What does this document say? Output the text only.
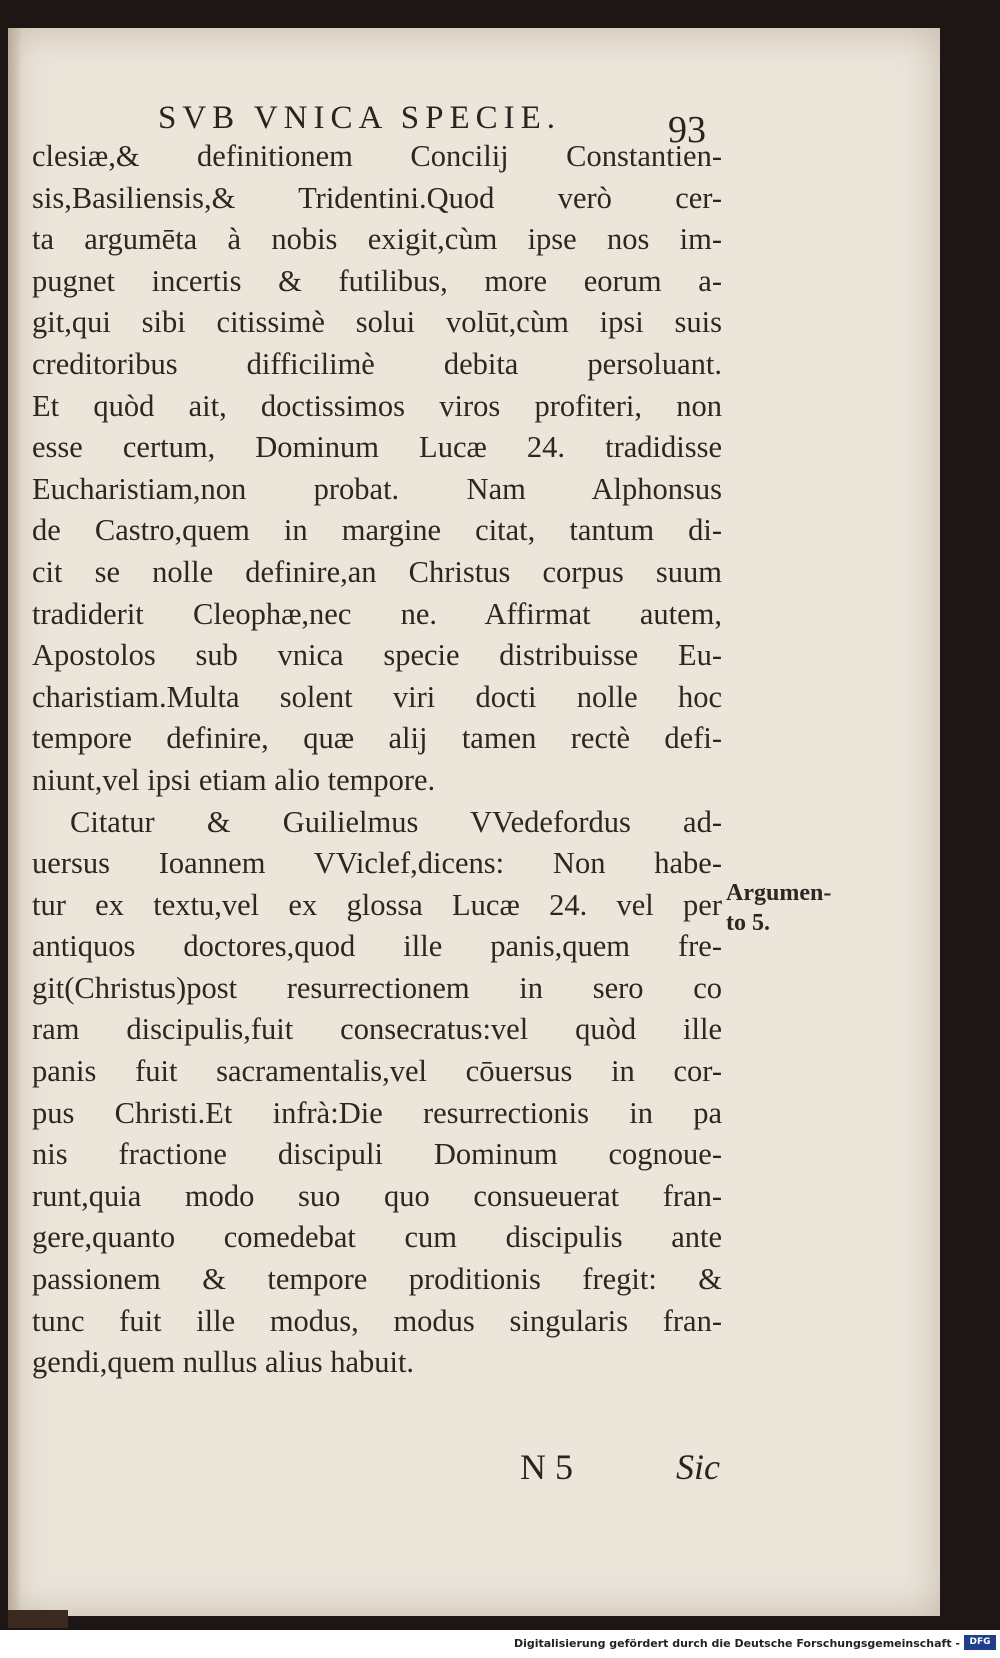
SVB VNICA SPECIE.	93
clesiæ,& definitionem Concilij Constantien-
sis,Basiliensis,& Tridentini.Quod verò cer-
ta argumēta à nobis exigit,cùm ipse nos im-
pugnet incertis & futilibus, more eorum a-
git,qui sibi citissimè solui volūt,cùm ipsi suis
creditoribus difficilimè debita persoluant.
Et quòd ait, doctissimos viros profiteri, non
esse certum, Dominum Lucæ 24. tradidisse
Eucharistiam,non probat. Nam Alphonsus
de Castro,quem in margine citat, tantum di-
cit se nolle definire,an Christus corpus suum
tradiderit Cleophæ,nec ne. Affirmat autem,
Apostolos sub vnica specie distribuisse Eu-
charistiam.Multa solent viri docti nolle hoc
tempore definire, quæ alij tamen rectè defi-
niunt,vel ipsi etiam alio tempore.
Citatur & Guilielmus VVedefordus ad-
uersus Ioannem VViclef,dicens: Non habe-
tur ex textu,vel ex glossa Lucæ 24. vel per
antiquos doctores,quod ille panis,quem fre-
git(Christus)post resurrectionem in sero co
ram discipulis,fuit consecratus:vel quòd ille
panis fuit sacramentalis,vel cōuersus in cor-
pus Christi.Et infrà:Die resurrectionis in pa
nis fractione discipuli Dominum cognoue-
runt,quia modo suo quo consueuerat fran-
gere,quanto comedebat cum discipulis ante
passionem & tempore proditionis fregit: &
tunc fuit ille modus, modus singularis fran-
gendi,quem nullus alius habuit.
Argumen-
to 5.
N 5	Sic
Digitalisierung gefördert durch die Deutsche Forschungsgemeinschaft -	DFG
